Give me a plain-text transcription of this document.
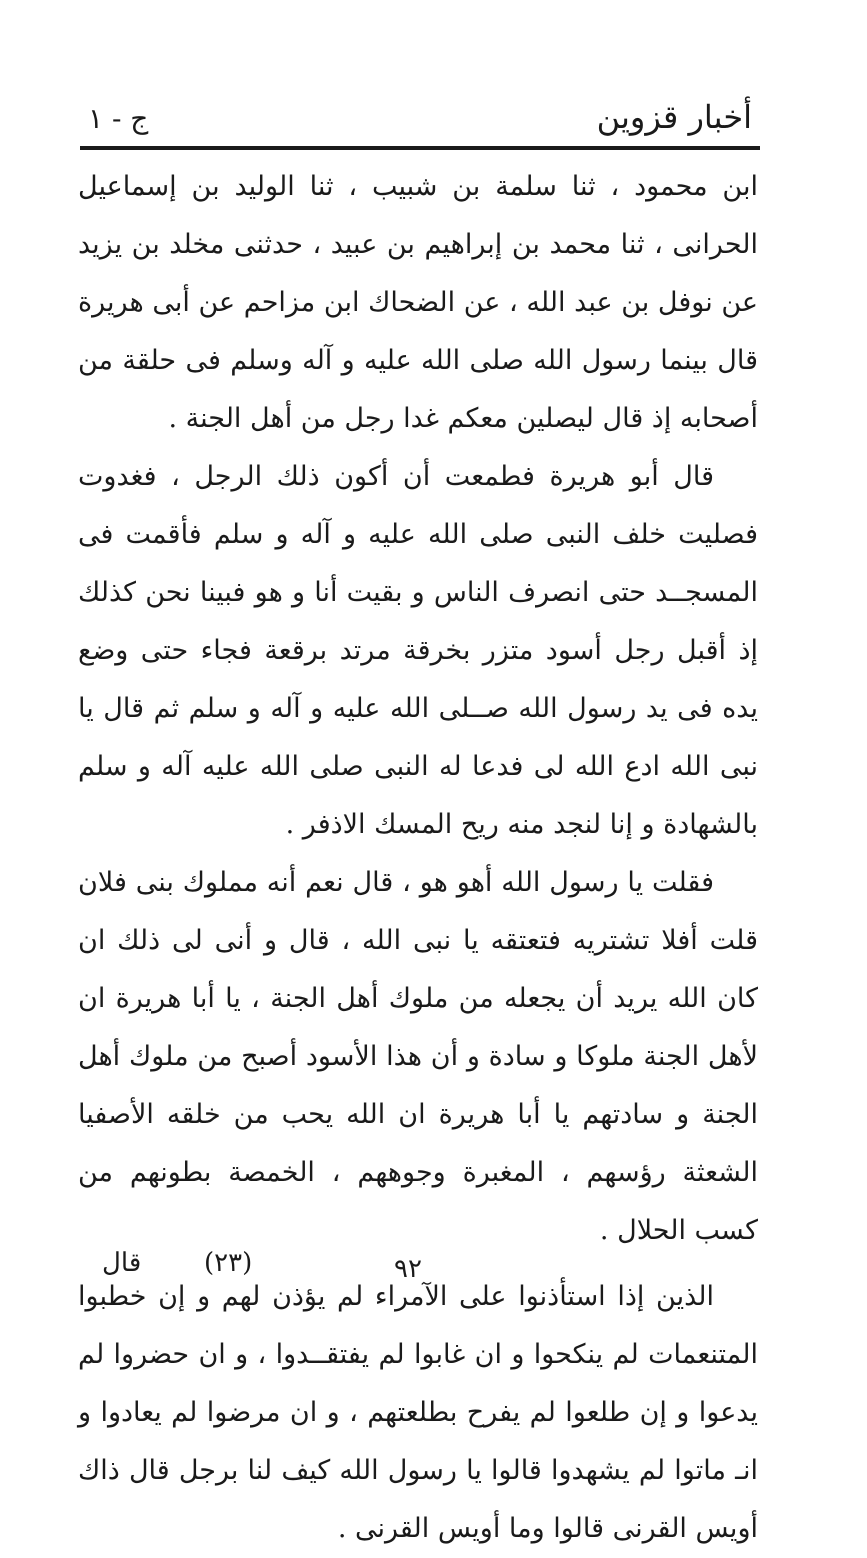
أخبار قزوين
ج - ١

ابن محمود ، ثنا سلمة بن شبيب ، ثنا الوليد بن إسماعيل الحرانى ، ثنا محمد بن إبراهيم بن عبيد ، حدثنى مخلد بن يزيد عن نوفل بن عبد الله ، عن الضحاك ابن مزاحم عن أبى هريرة قال بينما رسول الله صلى الله عليه و آله وسلم فى حلقة من أصحابه إذ قال ليصلين معكم غدا رجل من أهل الجنة .

قال أبو هريرة فطمعت أن أكون ذلك الرجل ، فغدوت فصليت خلف النبى صلى الله عليه و آله و سلم فأقمت فى المسجــد حتى انصرف الناس و بقيت أنا و هو فبينا نحن كذلك إذ أقبل رجل أسود متزر بخرقة مرتد برقعة فجاء حتى وضع يده فى يد رسول الله صــلى الله عليه و آله و سلم ثم قال يا نبى الله ادع الله لى فدعا له النبى صلى الله عليه آله و سلم بالشهادة و إنا لنجد منه ريح المسك الاذفر .

فقلت يا رسول الله أهو هو ، قال نعم أنه مملوك بنى فلان قلت أفلا تشتريه فتعتقه يا نبى الله ، قال و أنى لى ذلك ان كان الله يريد أن يجعله من ملوك أهل الجنة ، يا أبا هريرة ان لأهل الجنة ملوكا و سادة و أن هذا الأسود أصبح من ملوك أهل الجنة و سادتهم يا أبا هريرة ان الله يحب من خلقه الأصفيا الشعثة رؤسهم ، المغبرة وجوههم ، الخمصة بطونهم من كسب الحلال .

الذين إذا استأذنوا على الآمراء لم يؤذن لهم و إن خطبوا المتنعمات لم ينكحوا و ان غابوا لم يفتقــدوا ، و ان حضروا لم يدعوا و إن طلعوا لم يفرح بطلعتهم ، و ان مرضوا لم يعادوا و انـ ماتوا لم يشهدوا قالوا يا رسول الله كيف لنا برجل قال ذاك أويس القرنى قالوا وما أويس القرنى .

قال (٢٣)	٩٢
